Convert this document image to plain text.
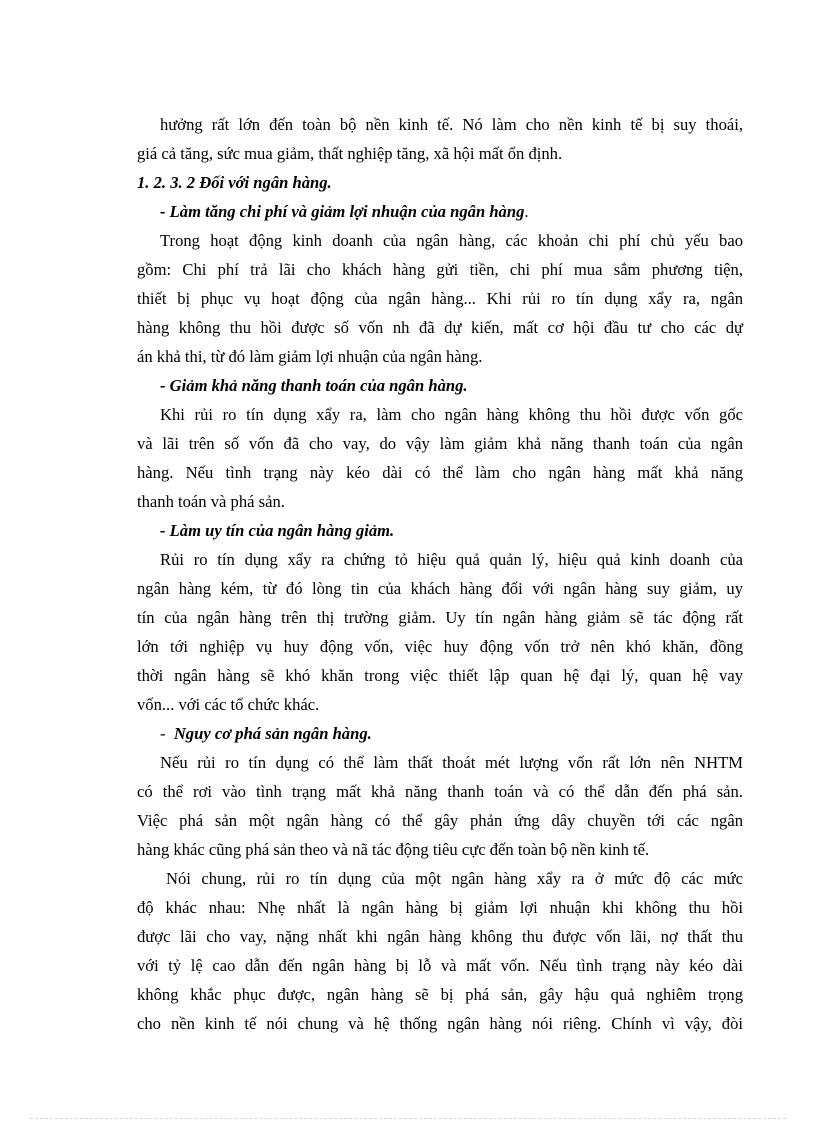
hưởng rất lớn đến toàn bộ nền kinh tế. Nó làm cho nền kinh tế bị suy thoái,
giá cả tăng, sức mua giảm, thất nghiệp tăng, xã hội mất ổn định.
1. 2. 3. 2 Đối với ngân hàng.
- Làm tăng chi phí và giảm lợi nhuận của ngân hàng.
Trong hoạt động kinh doanh của ngân hàng, các khoản chi phí chủ yếu bao
gồm: Chi phí trả lãi cho khách hàng gửi tiền, chi phí mua sắm phương tiện,
thiết bị phục vụ hoạt động của ngân hàng... Khi rủi ro tín dụng xẩy ra, ngân
hàng không thu hồi được số vốn nh đã dự kiến, mất cơ hội đầu tư cho các dự
án khả thi, từ đó làm giảm lợi nhuận của ngân hàng.
- Giảm khả năng thanh toán của ngân hàng.
Khi rủi ro tín dụng xẩy ra, làm cho ngân hàng không thu hồi được vốn gốc
và lãi trên số vốn đã cho vay, do vậy làm giảm khả năng thanh toán của ngân
hàng. Nếu tình trạng này kéo dài có thể làm cho ngân hàng mất khả năng
thanh toán và phá sản.
- Làm uy tín của ngân hàng giảm.
Rủi ro tín dụng xẩy ra chứng tỏ hiệu quả quản lý, hiệu quả kinh doanh của
ngân hàng kém, từ đó lòng tin của khách hàng đối với ngân hàng suy giảm, uy
tín của ngân hàng trên thị trường giảm. Uy tín ngân hàng giảm sẽ tác động rất
lớn tới nghiệp vụ huy động vốn, việc huy động vốn trở nên khó khăn, đồng
thời ngân hàng sẽ khó khăn trong việc thiết lập quan hệ đại lý, quan hệ vay
vốn... với các tổ chức khác.
-  Nguy cơ phá sản ngân hàng.
Nếu rủi ro tín dụng có thể làm thất thoát mét lượng vốn rất lớn nên NHTM
có thể rơi vào tình trạng mất khả năng thanh toán và có thể dẫn đến phá sản.
Việc phá sản một ngân hàng có thể gây phản ứng dây chuyền tới các ngân
hàng khác cũng phá sản theo và nã tác động tiêu cực đến toàn bộ nền kinh tế.
Nói chung, rủi ro tín dụng của một ngân hàng xẩy ra ở mức độ các mức
độ khác nhau: Nhẹ nhất là ngân hàng bị giảm lợi nhuận khi không thu hồi
được lãi cho vay, nặng nhất khi ngân hàng không thu được vốn lãi, nợ thất thu
với tỷ lệ cao dẫn đến ngân hàng bị lỗ và mất vốn. Nếu tình trạng này kéo dài
không khắc phục được, ngân hàng sẽ bị phá sản, gây hậu quả nghiêm trọng
cho nền kinh tế nói chung và hệ thống ngân hàng nói riêng. Chính vì vậy, đòi
